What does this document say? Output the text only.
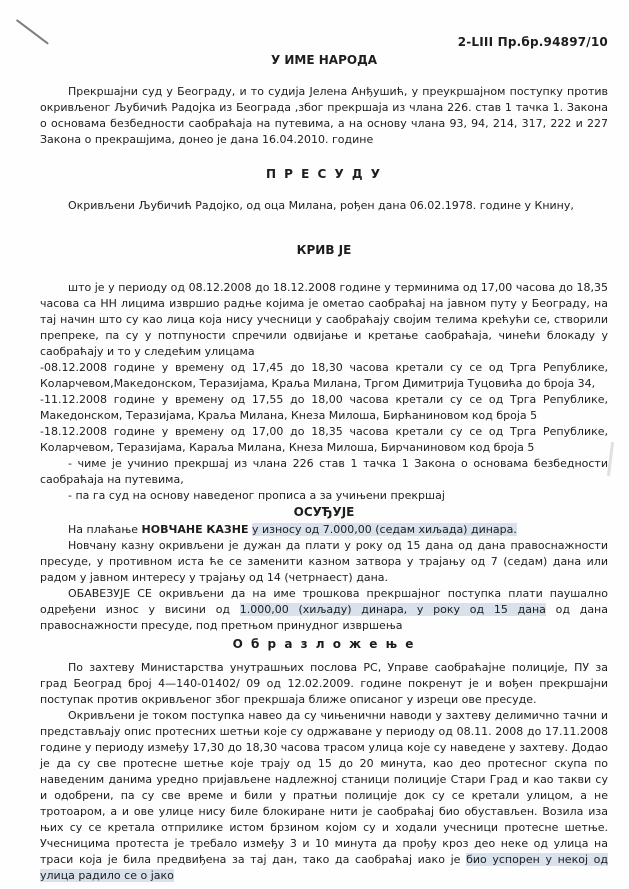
2-LIII Пр.бр.94897/10
У ИМЕ НАРОДА
Прекршајни суд у Београду, и то судија Јелена Анђушић, у преукршајном поступку против окривљеног Љубичић Радојка из Београда ,због прекршаја из члана 226. став 1 тачка 1. Закона о основама безбедности саобраћаја на путевима, а на основу члана 93, 94, 214, 317, 222 и 227 Закона о прекрашјима, донео је дана 16.04.2010. године
П Р Е С У Д У
Окривљени Љубичић Радојко, од оца Милана, рођен дана 06.02.1978. године у Книну,
КРИВ ЈЕ
што је у периоду од 08.12.2008 до 18.12.2008 године у терминима од 17,00 часова до 18,35 часова са НН лицима извршио радње којима је ометао саобраћај на јавном путу у Београду, на тај начин што су као лица која нису учесници у саобраћају својим телима крећући се, створили препреке, па су у потпуности спречили одвијање и кретање саобраћаја, чинећи блокаду у саобраћају и то у следећим улицама
-08.12.2008 године у времену од 17,45 до 18,30 часова кретали су се од Трга Републике, Коларчевом,Македонском, Теразијама, Краља Милана, Тргом Димитрија Туцовића до броја 34,
-11.12.2008 године у времену од 17,55 до 18,00 часова кретали су се од Трга Републике, Македонском, Теразијама, Краља Милана, Кнеза Милоша, Бирћаниновом код броја 5
-18.12.2008 године у времену од 17,00 до 18,35 часова кретали су се од Трга Републике, Коларчевом, Теразијама, Караља Милана, Кнеза Милоша, Бирчаниновом код броја 5
- чиме је учинио прекршај из члана 226 став 1 тачка 1 Закона о основама безбедности саобраћаја на путевима,
- па га суд на основу наведеног прописа а за учињени прекршај
ОСУЂУЈЕ
На плаћање НОВЧАНЕ КАЗНЕ у износу од 7.000,00 (седам хиљада) динара.
Новчану казну окривљени је дужан да плати у року од 15 дана од дана правоснажности пресуде, у противном иста ће се заменити казном затвора у трајању од 7 (седам) дана или радом у јавном интересу у трајању од 14 (четрнаест) дана.
ОБАВЕЗУЈЕ СЕ окривљени да на име трошкова прекршајног поступка плати паушално одређени износ у висини од 1.000,00 (хиљаду) динара, у року од 15 дана од дана правоснажности пресуде, под претњом принудног извршења
О б р а з л о ж е њ е
По захтеву Министарства унутрашњих послова РС, Управе саобраћајне полиције, ПУ за град Београд број 4—140-01402/ 09 од 12.02.2009. године покренут је и вођен прекршајни поступак против окривљеног због прекршаја ближе описаног у изреци ове пресуде.
Окривљени је током поступка навео да су чињенични наводи у захтеву делимично тачни и представљају опис протесних шетњи које су одржаване у периоду од 08.11. 2008 до 17.11.2008 године у периоду између 17,30 до 18,30 часова трасом улица које су наведене у захтеву. Додао је да су све протесне шетње које трају од 15 до 20 минута, као део протесног скупа по наведеним данима уредно пријављене надлежној станици полиције Стари Град и као такви су и одобрени, па су све време и били у пратњи полиције док су се кретали улицом, а не тротоаром, а и ове улице нису биле блокиране нити је саобраћај био обустављен. Возила иза њих су се кретала отприлике истом брзином којом су и ходали учесници протесне шетње. Учесницима протеста је требало између 3 и 10 минута да прођу кроз део неке од улица на траси која је била предвиђена за тај дан, тако да саобраћај иако је био успорен у некој од улица радило се о јако
